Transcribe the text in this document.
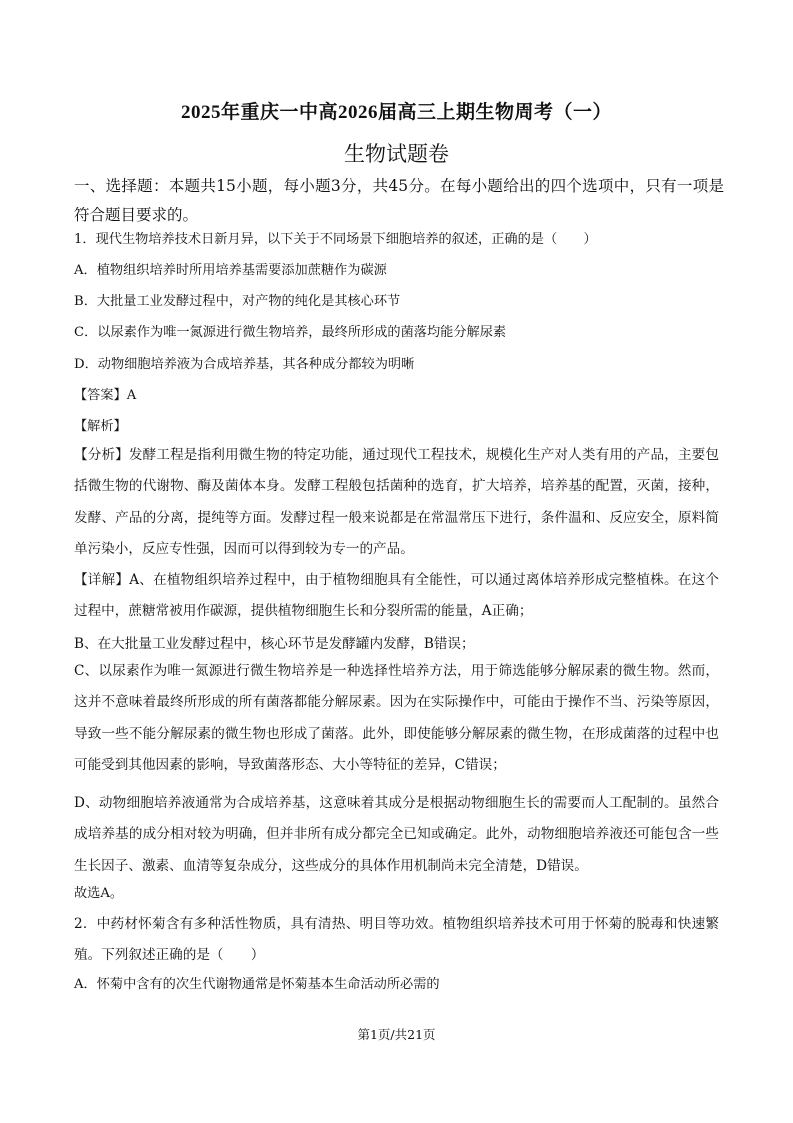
2025年重庆一中高2026届高三上期生物周考（一）
生物试题卷

一、选择题：本题共15小题，每小题3分，共45分。在每小题给出的四个选项中，只有一项是符合题目要求的。

1．现代生物培养技术日新月异，以下关于不同场景下细胞培养的叙述，正确的是（　　）

A．植物组织培养时所用培养基需要添加蔗糖作为碳源

B．大批量工业发酵过程中，对产物的纯化是其核心环节

C．以尿素作为唯一氮源进行微生物培养，最终所形成的菌落均能分解尿素

D．动物细胞培养液为合成培养基，其各种成分都较为明晰

【答案】A

【解析】

【分析】发酵工程是指利用微生物的特定功能，通过现代工程技术，规模化生产对人类有用的产品，主要包括微生物的代谢物、酶及菌体本身。发酵工程般包括菌种的选育，扩大培养，培养基的配置，灭菌，接种，发酵、产品的分离，提纯等方面。发酵过程一般来说都是在常温常压下进行，条件温和、反应安全，原料简单污染小，反应专性强，因而可以得到较为专一的产品。

【详解】A、在植物组织培养过程中，由于植物细胞具有全能性，可以通过离体培养形成完整植株。在这个过程中，蔗糖常被用作碳源，提供植物细胞生长和分裂所需的能量，A正确；

B、在大批量工业发酵过程中，核心环节是发酵罐内发酵，B错误；

C、以尿素作为唯一氮源进行微生物培养是一种选择性培养方法，用于筛选能够分解尿素的微生物。然而，这并不意味着最终所形成的所有菌落都能分解尿素。因为在实际操作中，可能由于操作不当、污染等原因，导致一些不能分解尿素的微生物也形成了菌落。此外，即使能够分解尿素的微生物，在形成菌落的过程中也可能受到其他因素的影响，导致菌落形态、大小等特征的差异，C错误；

D、动物细胞培养液通常为合成培养基，这意味着其成分是根据动物细胞生长的需要而人工配制的。虽然合成培养基的成分相对较为明确，但并非所有成分都完全已知或确定。此外，动物细胞培养液还可能包含一些生长因子、激素、血清等复杂成分，这些成分的具体作用机制尚未完全清楚，D错误。

故选A。

2．中药材怀菊含有多种活性物质，具有清热、明目等功效。植物组织培养技术可用于怀菊的脱毒和快速繁殖。下列叙述正确的是（　　）

A．怀菊中含有的次生代谢物通常是怀菊基本生命活动所必需的

第1页/共21页
